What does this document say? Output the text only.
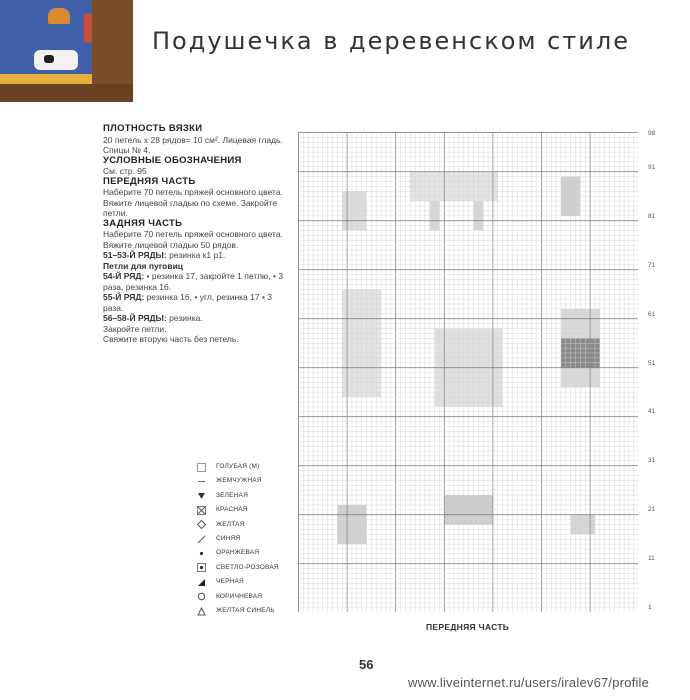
Подушечка в деревенском стиле
ПЛОТНОСТЬ ВЯЗКИ
20 петель х 28 рядов= 10 см². Лицевая гладь.
Спицы № 4.
УСЛОВНЫЕ ОБОЗНАЧЕНИЯ
См. стр. 95
ПЕРЕДНЯЯ ЧАСТЬ
Наберите 70 петель пряжей основного цвета.
Вяжите лицевой гладью по схеме. Закройте
петли.
ЗАДНЯЯ ЧАСТЬ
Наберите 70 петель пряжей основного цвета.
Вяжите лицевой гладью 50 рядов.
51–53-Й РЯДЫ: резинка к1 р1.
Петли для пуговиц
54-Й РЯД: • резинка 17, закройте 1 петлю, • 3
раза, резинка 16.
55-Й РЯД: резинка 16, • угл, резинка 17 • 3
раза.
56–58-Й РЯДЫ: резинка.
Закройте петли.
Свяжите вторую часть без петель.
ГОЛУБАЯ (М)
ЖЕМЧУЖНАЯ
ЗЕЛЕНАЯ
КРАСНАЯ
ЖЕЛТАЯ
СИНЯЯ
ОРАНЖЕВАЯ
СВЕТЛО-РОЗОВАЯ
ЧЕРНАЯ
КОРИЧНЕВАЯ
ЖЕЛТАЯ СИНЕЛЬ
98
91
81
71
61
51
41
31
21
11
1
ПЕРЕДНЯЯ ЧАСТЬ
56
www.liveinternet.ru/users/iralev67/profile
